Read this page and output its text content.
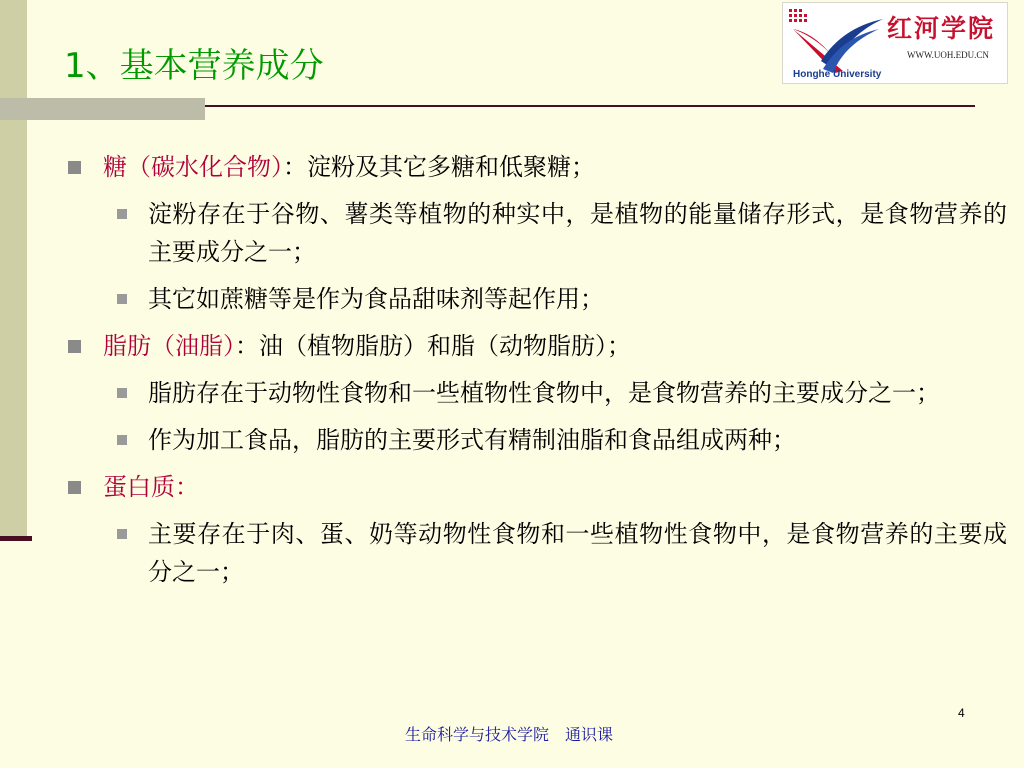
1、基本营养成分
红河学院
WWW.UOH.EDU.CN
Honghe University
糖（碳水化合物）：淀粉及其它多糖和低聚糖；
淀粉存在于谷物、薯类等植物的种实中，是植物的能量储存形式，是食物营养的主要成分之一；
其它如蔗糖等是作为食品甜味剂等起作用；
脂肪（油脂）：油（植物脂肪）和脂（动物脂肪）；
脂肪存在于动物性食物和一些植物性食物中，是食物营养的主要成分之一；
作为加工食品，脂肪的主要形式有精制油脂和食品组成两种；
蛋白质：
主要存在于肉、蛋、奶等动物性食物和一些植物性食物中，是食物营养的主要成分之一；
4
生命科学与技术学院　通识课
